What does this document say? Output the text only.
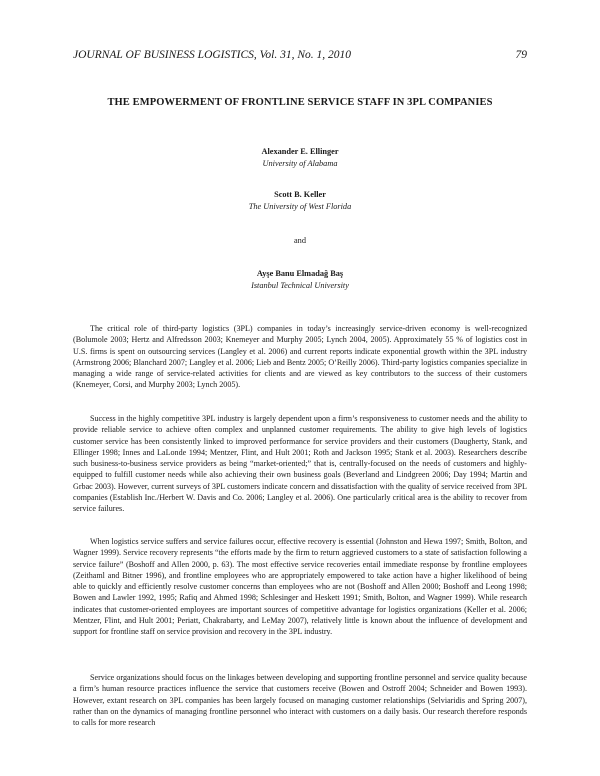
JOURNAL OF BUSINESS LOGISTICS, Vol. 31, No. 1, 2010	79
THE EMPOWERMENT OF FRONTLINE SERVICE STAFF IN 3PL COMPANIES
Alexander E. Ellinger
University of Alabama
Scott B. Keller
The University of West Florida
and
Ayşe Banu Elmadağ Baş
Istanbul Technical University

The critical role of third-party logistics (3PL) companies in today’s increasingly service-driven economy is well-recognized (Bolumole 2003; Hertz and Alfredsson 2003; Knemeyer and Murphy 2005; Lynch 2004, 2005). Approximately 55 % of logistics cost in U.S. firms is spent on outsourcing services (Langley et al. 2006) and current reports indicate exponential growth within the 3PL industry (Armstrong 2006; Blanchard 2007; Langley et al. 2006; Lieb and Bentz 2005; O’Reilly 2006). Third-party logistics companies specialize in managing a wide range of service-related activities for clients and are viewed as key contributors to the success of their customers (Knemeyer, Corsi, and Murphy 2003; Lynch 2005).

Success in the highly competitive 3PL industry is largely dependent upon a firm’s responsiveness to customer needs and the ability to provide reliable service to achieve often complex and unplanned customer requirements. The ability to give high levels of logistics customer service has been consistently linked to improved performance for service providers and their customers (Daugherty, Stank, and Ellinger 1998; Innes and LaLonde 1994; Mentzer, Flint, and Hult 2001; Roth and Jackson 1995; Stank et al. 2003). Researchers describe such business-to-business service providers as being “market-oriented;” that is, centrally-focused on the needs of customers and highly-equipped to fulfill customer needs while also achieving their own business goals (Beverland and Lindgreen 2006; Day 1994; Martin and Grbac 2003). However, current surveys of 3PL customers indicate concern and dissatisfaction with the quality of service received from 3PL companies (Establish Inc./Herbert W. Davis and Co. 2006; Langley et al. 2006). One particularly critical area is the ability to recover from service failures.

When logistics service suffers and service failures occur, effective recovery is essential (Johnston and Hewa 1997; Smith, Bolton, and Wagner 1999). Service recovery represents “the efforts made by the firm to return aggrieved customers to a state of satisfaction following a service failure” (Boshoff and Allen 2000, p. 63). The most effective service recoveries entail immediate response by frontline employees (Zeithaml and Bitner 1996), and frontline employees who are appropriately empowered to take action have a higher likelihood of being able to quickly and efficiently resolve customer concerns than employees who are not (Boshoff and Allen 2000; Boshoff and Leong 1998; Bowen and Lawler 1992, 1995; Rafiq and Ahmed 1998; Schlesinger and Heskett 1991; Smith, Bolton, and Wagner 1999). While research indicates that customer-oriented employees are important sources of competitive advantage for logistics organizations (Keller et al. 2006; Mentzer, Flint, and Hult 2001; Periatt, Chakrabarty, and LeMay 2007), relatively little is known about the influence of development and support for frontline staff on service provision and recovery in the 3PL industry.

Service organizations should focus on the linkages between developing and supporting frontline personnel and service quality because a firm’s human resource practices influence the service that customers receive (Bowen and Ostroff 2004; Schneider and Bowen 1993). However, extant research on 3PL companies has been largely focused on managing customer relationships (Selviaridis and Spring 2007), rather than on the dynamics of managing frontline personnel who interact with customers on a daily basis. Our research therefore responds to calls for more research
